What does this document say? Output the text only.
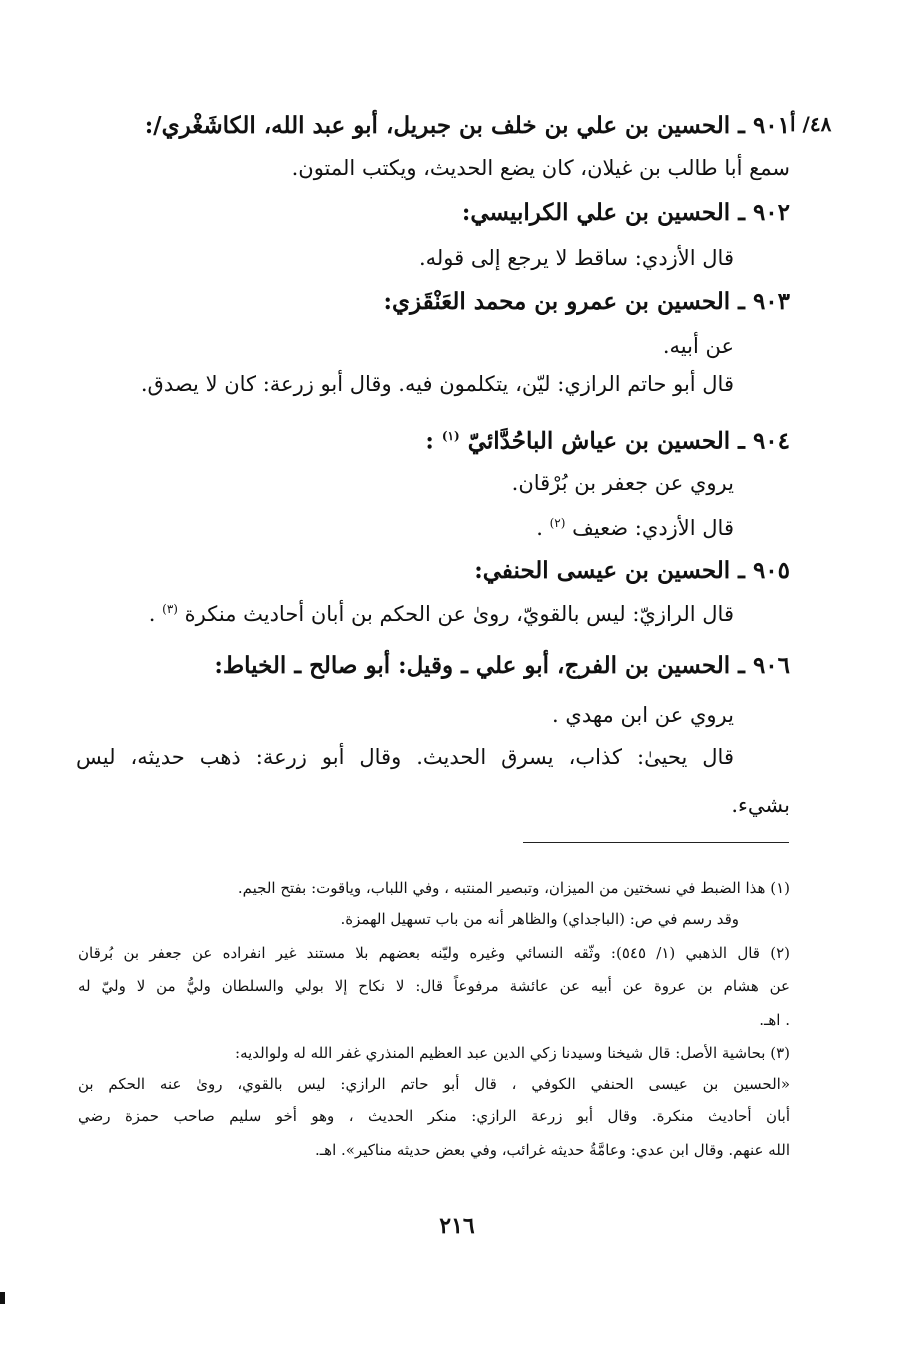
٤٨/ أ
٩٠١ ـ الحسين بن علي بن خلف بن جبريل، أبو عبد الله، الكاشَغْري/:
سمع أبا طالب بن غيلان، كان يضع الحديث، ويكتب المتون.
٩٠٢ ـ الحسين بن علي الكرابيسي:
قال الأزدي: ساقط لا يرجع إلى قوله.
٩٠٣ ـ الحسين بن عمرو بن محمد العَنْقَزي:
عن أبيه.
قال أبو حاتم الرازي: ليّن، يتكلمون فيه. وقال أبو زرعة: كان لا يصدق.
٩٠٤ ـ الحسين بن عياش الباحُدَّائيّ $^{(١)}$ :
يروي عن جعفر بن بُرْقان.
قال الأزدي: ضعيف $^{(٢)}$ .
٩٠٥ ـ الحسين بن عيسى الحنفي:
قال الرازيّ: ليس بالقويّ، روىٰ عن الحكم بن أبان أحاديث منكرة $^{(٣)}$ .
٩٠٦ ـ الحسين بن الفرج، أبو علي ـ وقيل: أبو صالح ـ الخياط:
يروي عن ابن مهدي .
قال يحيىٰ: كذاب، يسرق الحديث. وقال أبو زرعة: ذهب حديثه، ليس
بشيء.
(١) هذا الضبط في نسختين من الميزان، وتبصير المنتبه ، وفي اللباب، وياقوت: بفتح الجيم.
وقد رسم في ص: (الباجداي) والظاهر أنه من باب تسهيل الهمزة.
(٢) قال الذهبي (١/ ٥٤٥): وثّقه النسائي وغيره وليّنه بعضهم بلا مستند غير انفراده عن جعفر بن بُرقان
عن هشام بن عروة عن أبيه عن عائشة مرفوعاً قال: لا نكاح إلا بولي والسلطان وليُّ من لا وليّ له
. اهـ.
(٣) بحاشية الأصل: قال شيخنا وسيدنا زكي الدين عبد العظيم المنذري غفر الله له ولوالديه:
«الحسين بن عيسى الحنفي الكوفي ، قال أبو حاتم الرازي: ليس بالقوي، روىٰ عنه الحكم بن
أبان أحاديث منكرة. وقال أبو زرعة الرازي: منكر الحديث ، وهو أخو سليم صاحب حمزة رضي
الله عنهم. وقال ابن عدي: وعامَّةُ حديثه غرائب، وفي بعض حديثه مناكير». اهـ.
٢١٦
